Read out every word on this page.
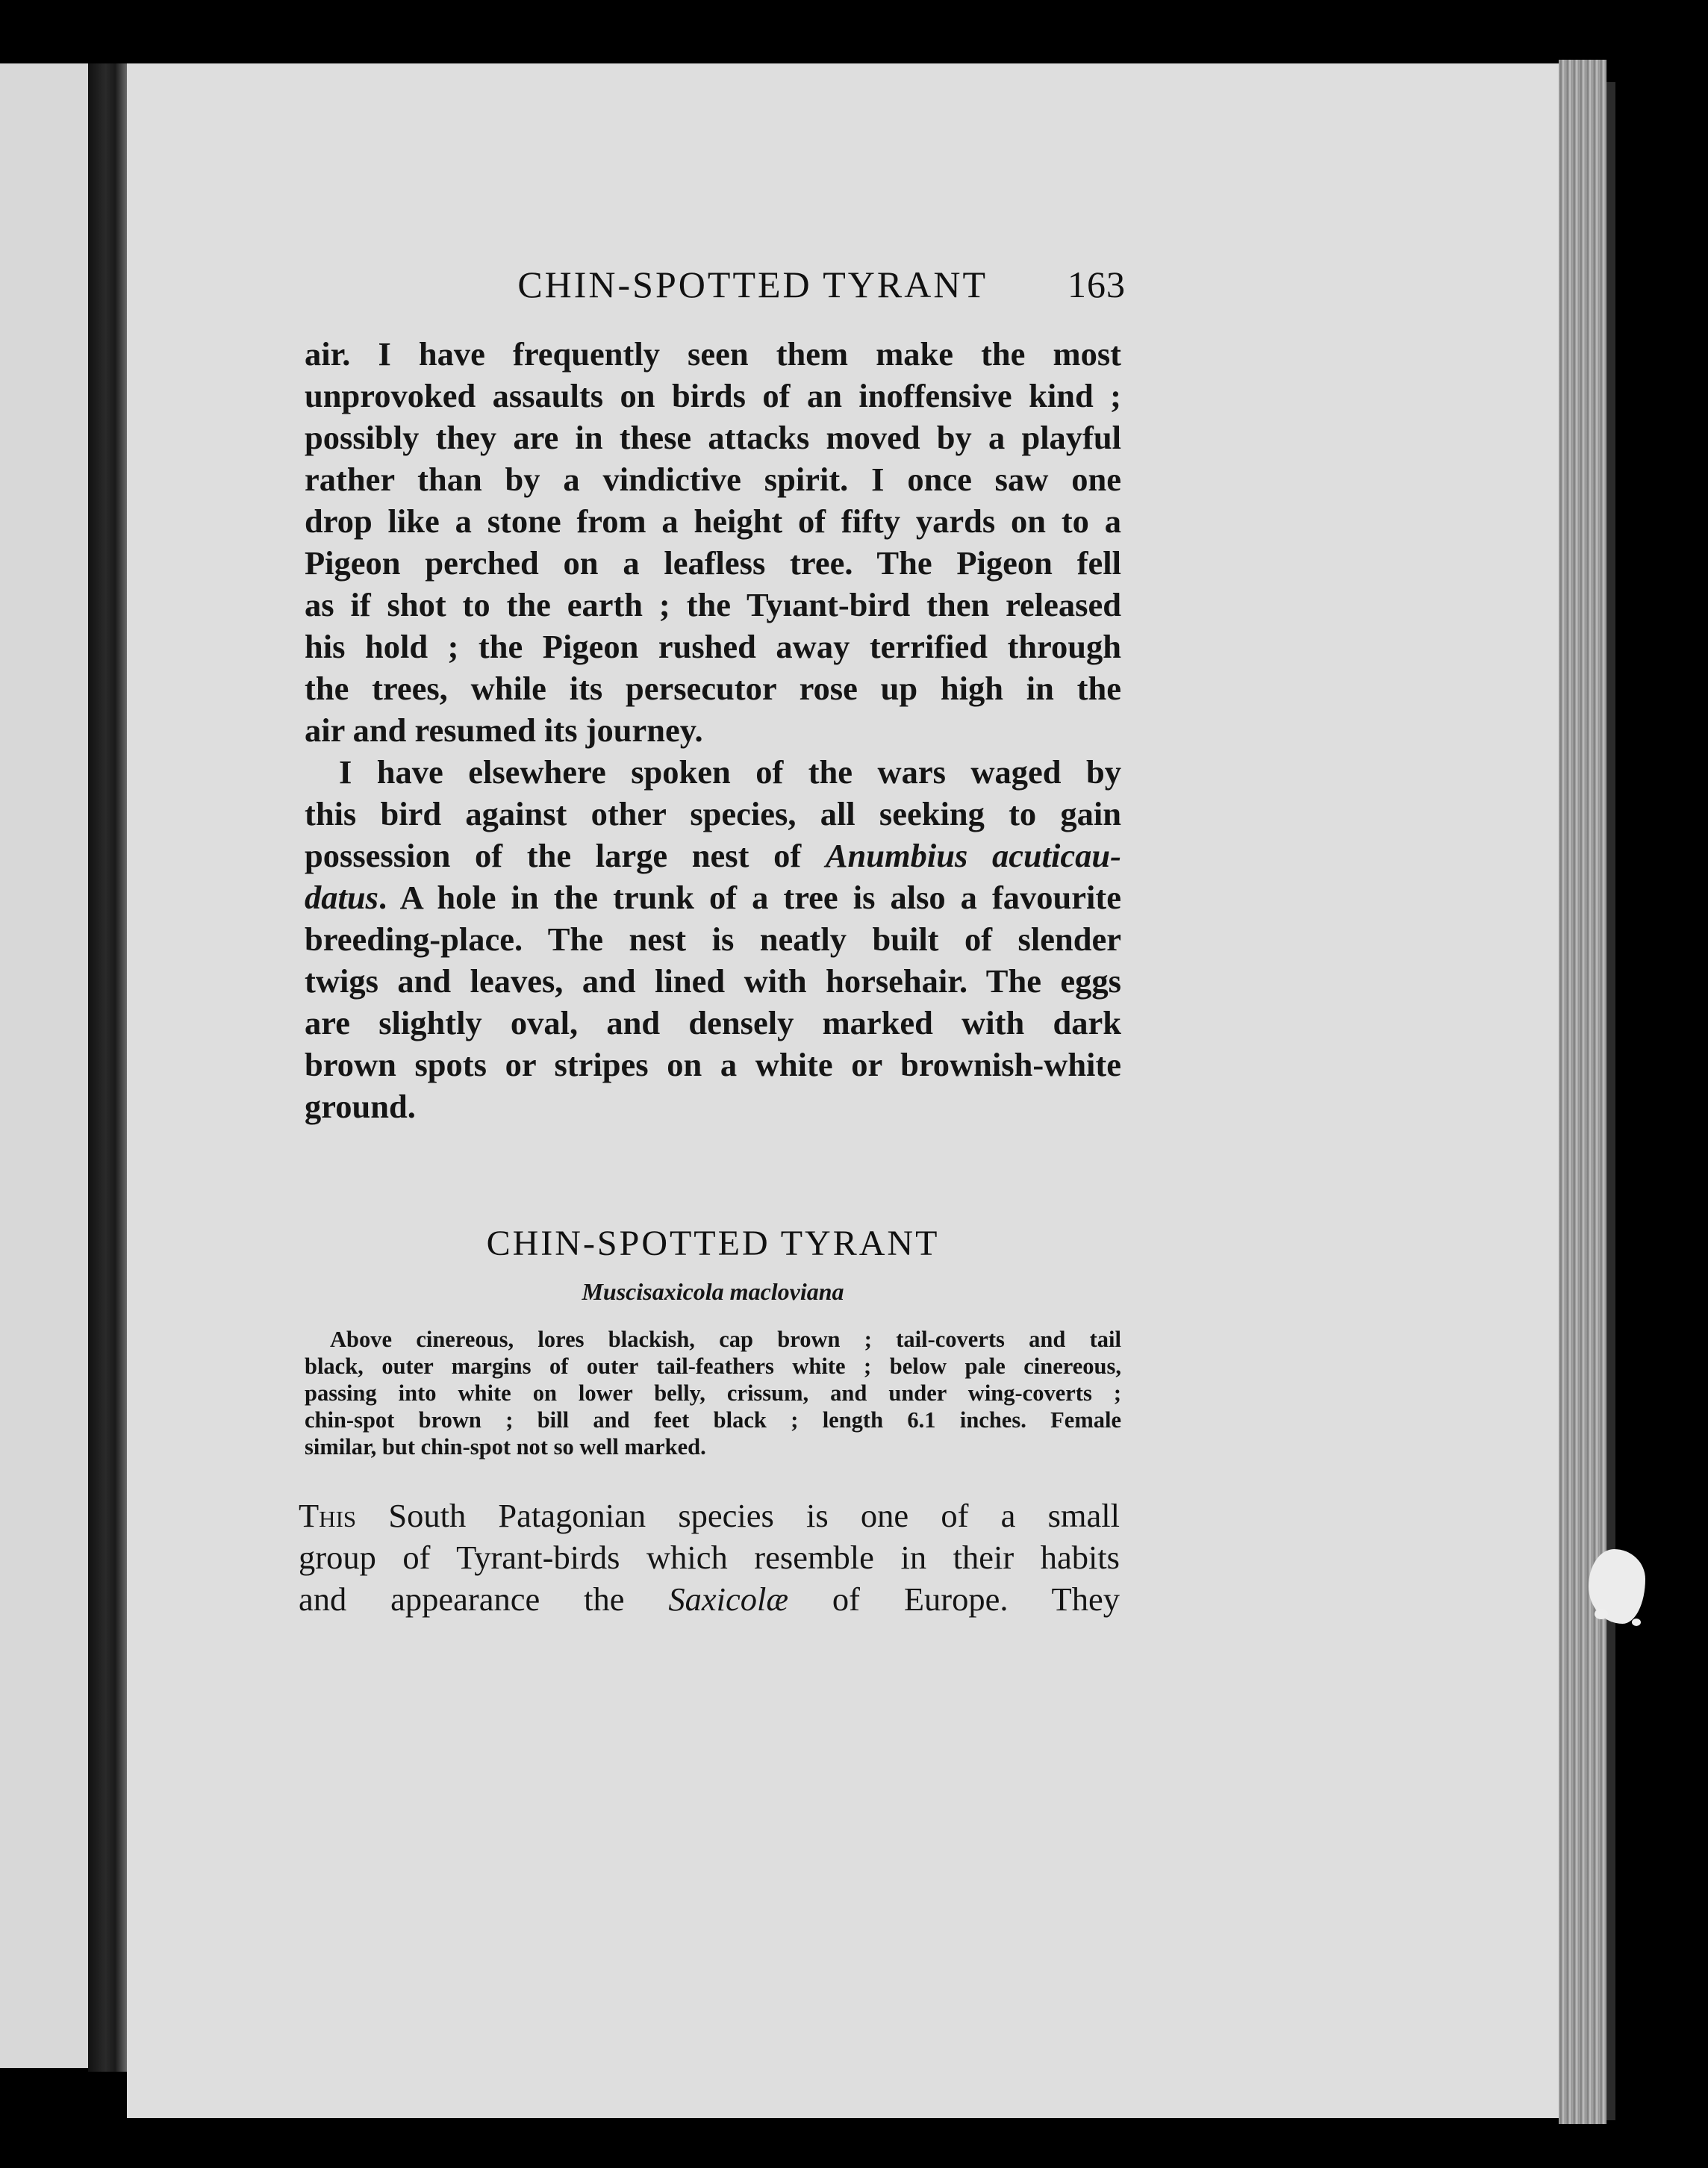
CHIN-SPOTTED TYRANT 163
air. I have frequently seen them make the most
unprovoked assaults on birds of an inoffensive kind ;
possibly they are in these attacks moved by a playful
rather than by a vindictive spirit. I once saw one
drop like a stone from a height of fifty yards on to a
Pigeon perched on a leafless tree. The Pigeon fell
as if shot to the earth ; the Tyıant-bird then released
his hold ; the Pigeon rushed away terrified through
the trees, while its persecutor rose up high in the
air and resumed its journey.
I have elsewhere spoken of the wars waged by
this bird against other species, all seeking to gain
possession of the large nest of Anumbius acuticau-
datus. A hole in the trunk of a tree is also a favourite
breeding-place. The nest is neatly built of slender
twigs and leaves, and lined with horsehair. The eggs
are slightly oval, and densely marked with dark
brown spots or stripes on a white or brownish-white
ground.
CHIN-SPOTTED TYRANT
Muscisaxicola macloviana
Above cinereous, lores blackish, cap brown ; tail-coverts and tail
black, outer margins of outer tail-feathers white ; below pale cinereous,
passing into white on lower belly, crissum, and under wing-coverts ;
chin-spot brown ; bill and feet black ; length 6.1 inches. Female
similar, but chin-spot not so well marked.
This South Patagonian species is one of a small
group of Tyrant-birds which resemble in their habits
and appearance the Saxicolæ of Europe. They
